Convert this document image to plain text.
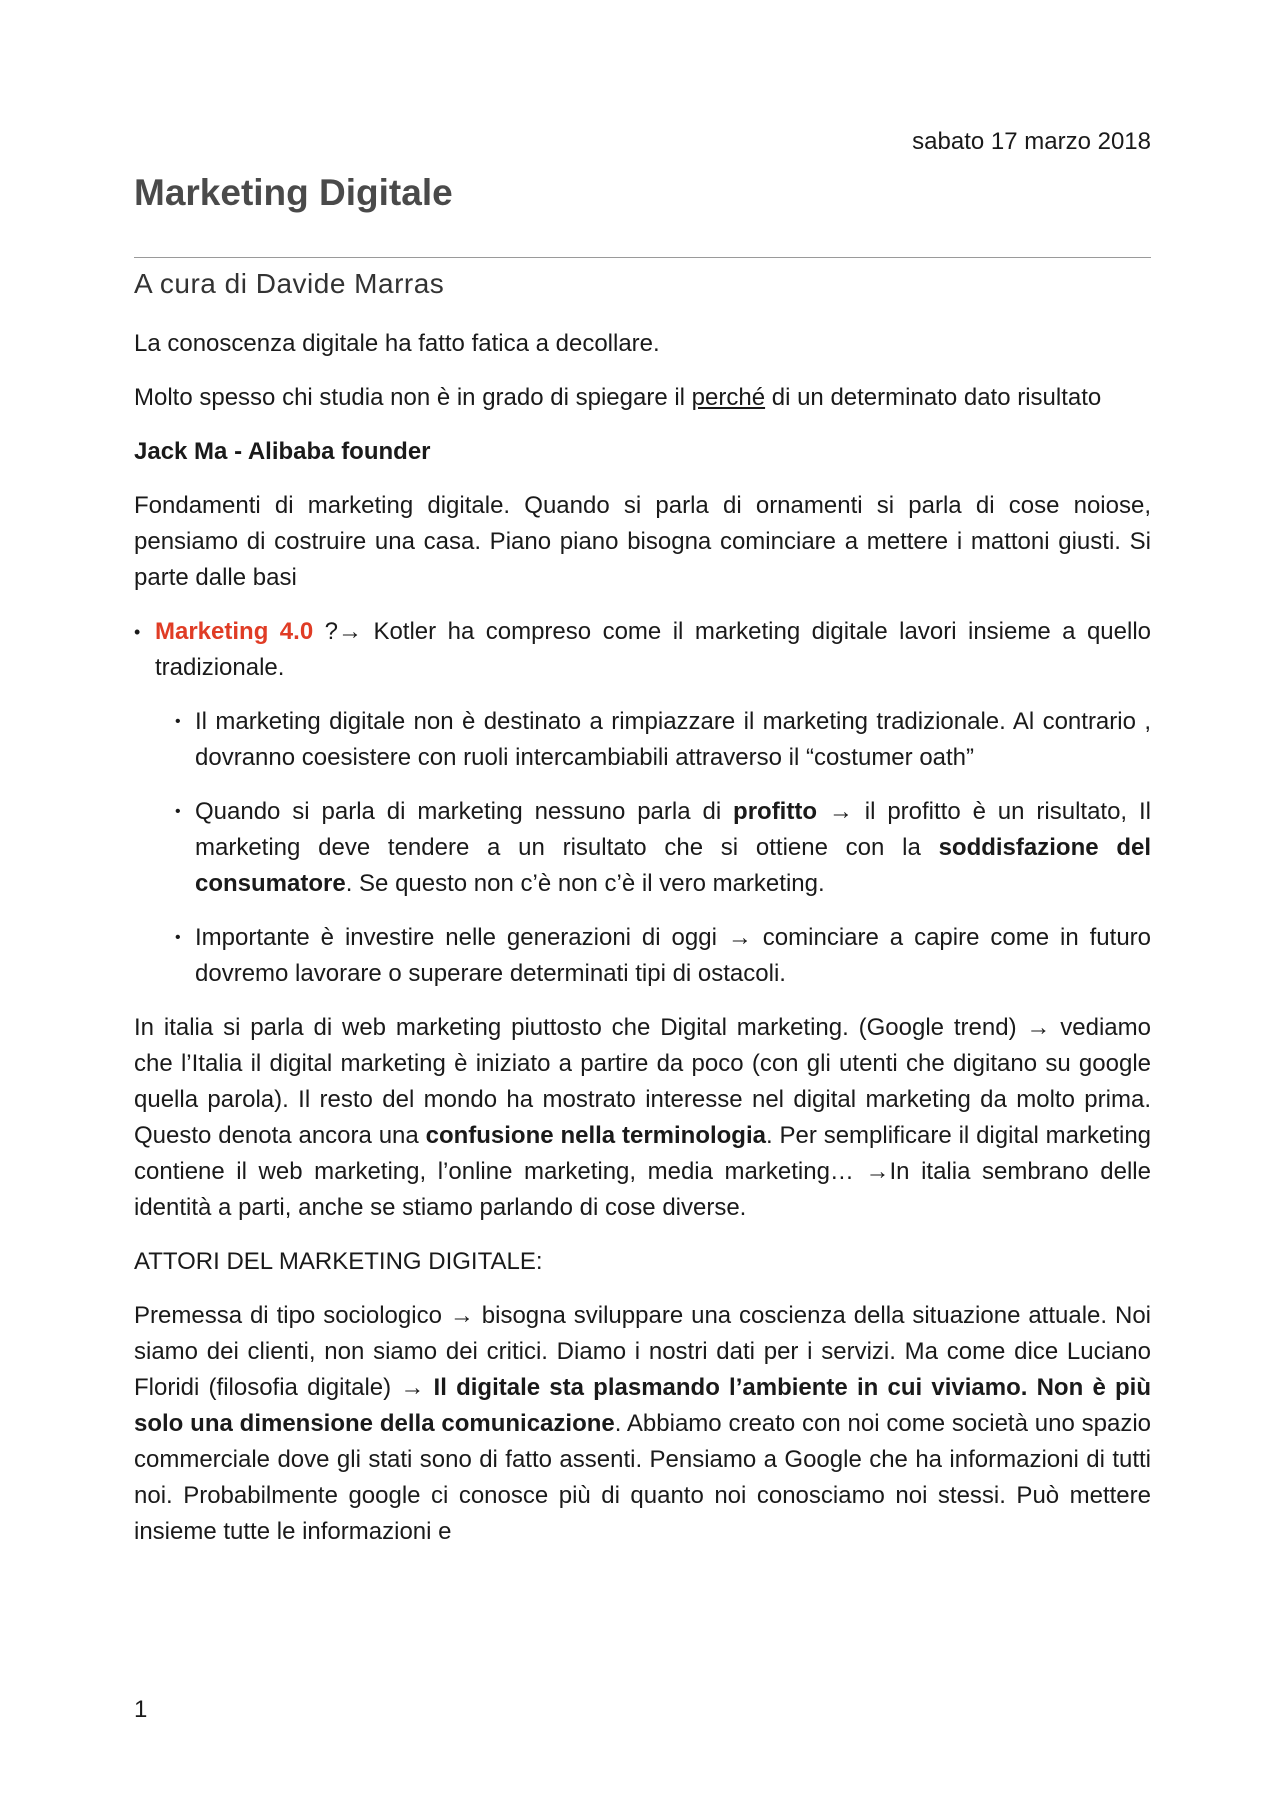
sabato 17 marzo 2018
Marketing Digitale
A cura di Davide Marras

La conoscenza digitale ha fatto fatica a decollare.

Molto spesso chi studia non è in grado di spiegare il perché di un determinato dato risultato

Jack Ma - Alibaba founder

Fondamenti di marketing digitale. Quando si parla di ornamenti si parla di cose noiose, pensiamo di costruire una casa. Piano piano bisogna cominciare a mettere i mattoni giusti. Si parte dalle basi

• Marketing 4.0 ?→ Kotler ha compreso come il marketing digitale lavori insieme a quello tradizionale.
• Il marketing digitale non è destinato a rimpiazzare il marketing tradizionale. Al contrario , dovranno coesistere con ruoli intercambiabili attraverso il “costumer oath”
• Quando si parla di marketing nessuno parla di profitto → il profitto è un risultato, Il marketing deve tendere a un risultato che si ottiene con la soddisfazione del consumatore. Se questo non c’è non c’è il vero marketing.
• Importante è investire nelle generazioni di oggi → cominciare a capire come in futuro dovremo lavorare o superare determinati tipi di ostacoli.

In italia si parla di web marketing piuttosto che Digital marketing. (Google trend) → vediamo che l’Italia il digital marketing è iniziato a partire da poco (con gli utenti che digitano su google quella parola). Il resto del mondo ha mostrato interesse nel digital marketing da molto prima. Questo denota ancora una confusione nella terminologia. Per semplificare il digital marketing contiene il web marketing, l’online marketing, media marketing… →In italia sembrano delle identità a parti, anche se stiamo parlando di cose diverse.

ATTORI DEL MARKETING DIGITALE:

Premessa di tipo sociologico → bisogna sviluppare una coscienza della situazione attuale. Noi siamo dei clienti, non siamo dei critici. Diamo i nostri dati per i servizi. Ma come dice Luciano Floridi (filosofia digitale) → Il digitale sta plasmando l’ambiente in cui viviamo. Non è più solo una dimensione della comunicazione. Abbiamo creato con noi come società uno spazio commerciale dove gli stati sono di fatto assenti. Pensiamo a Google che ha informazioni di tutti noi. Probabilmente google ci conosce più di quanto noi conosciamo noi stessi. Può mettere insieme tutte le informazioni e

1
